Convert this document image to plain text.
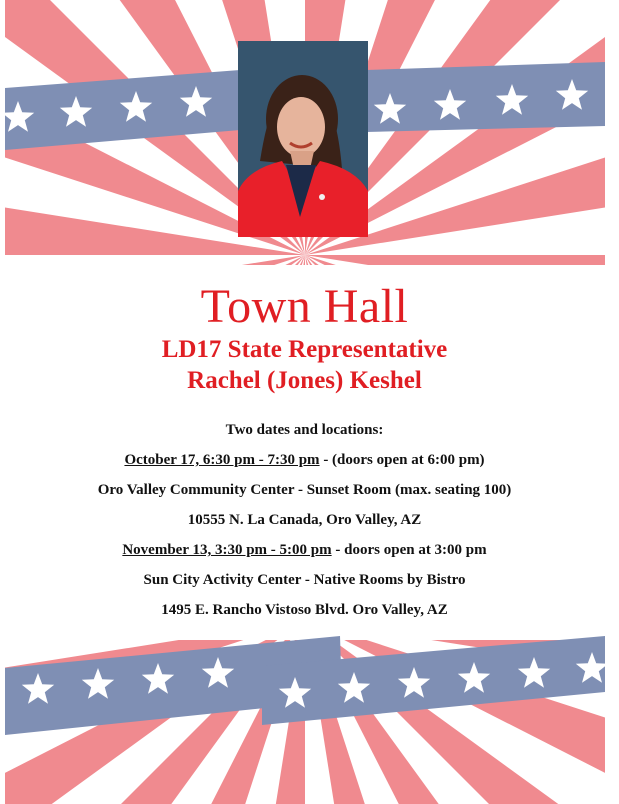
Town Hall

LD17 State Representative

Rachel (Jones) Keshel

Two dates and locations:

October 17, 6:30 pm - 7:30 pm - (doors open at 6:00 pm)

Oro Valley Community Center - Sunset Room (max. seating 100)

10555 N. La Canada, Oro Valley, AZ

November 13, 3:30 pm - 5:00 pm - doors open at 3:00 pm

Sun City Activity Center - Native Rooms by Bistro

1495 E. Rancho Vistoso Blvd. Oro Valley, AZ
